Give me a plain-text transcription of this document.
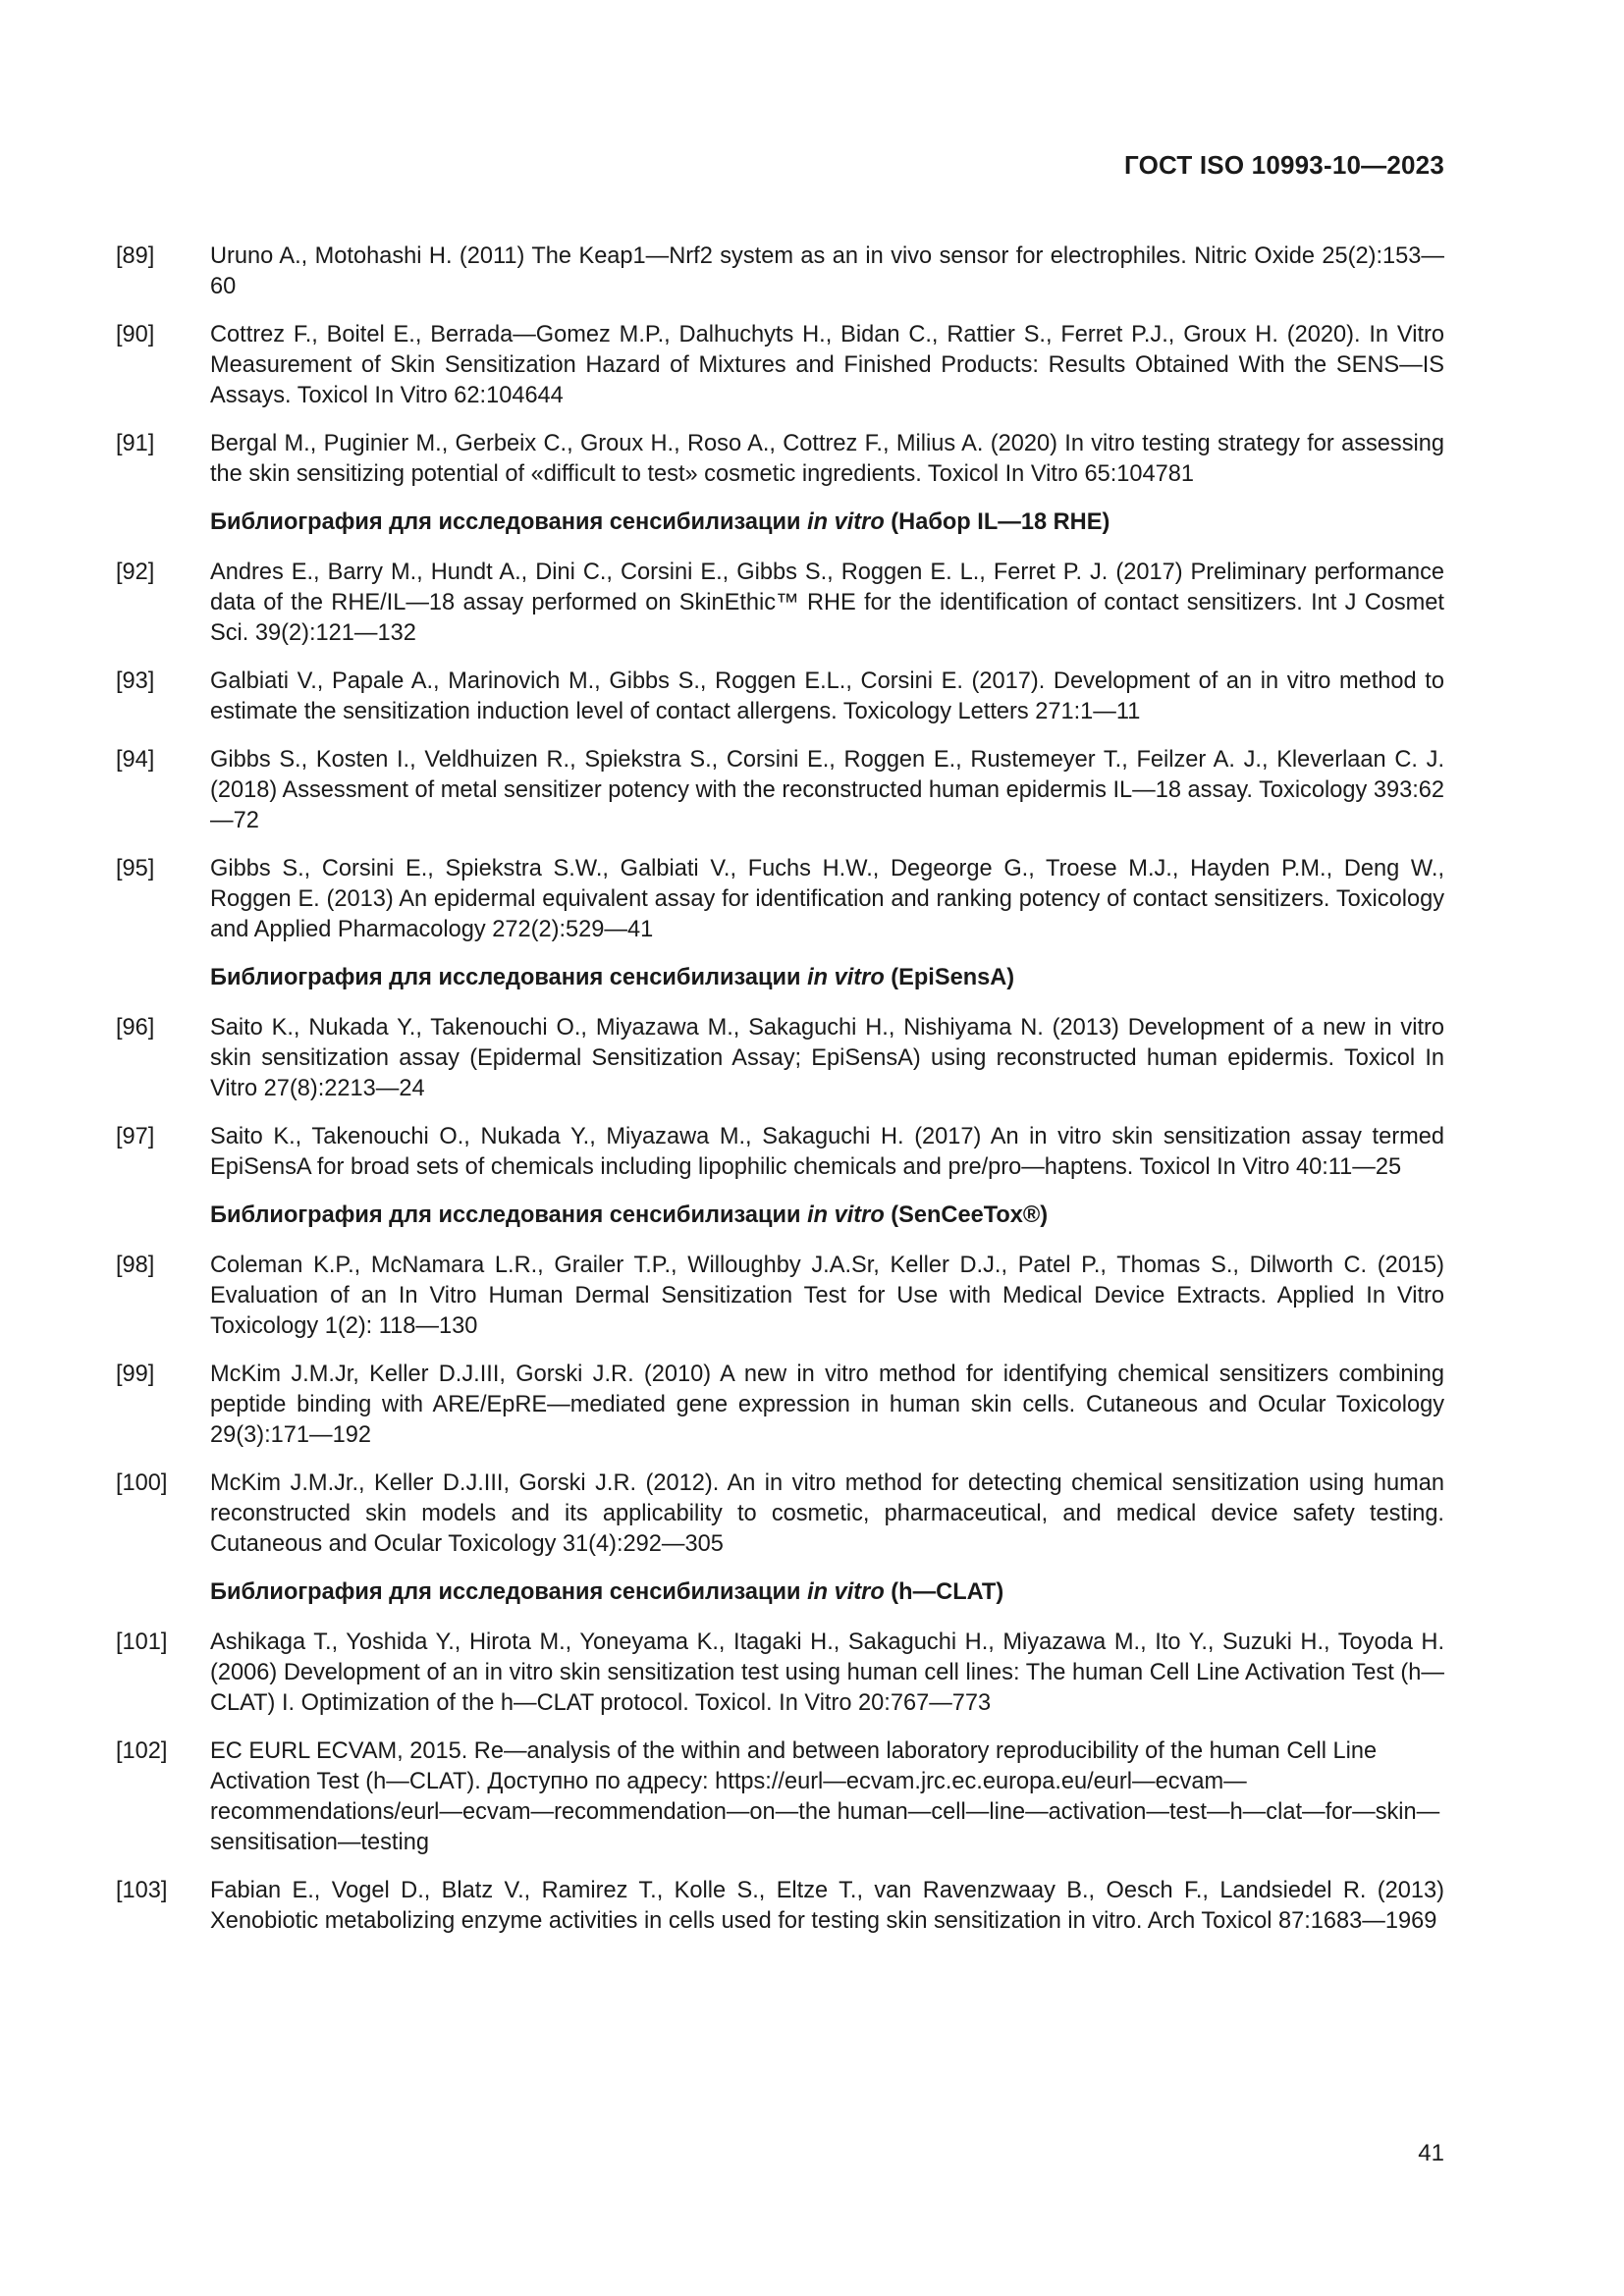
ГОСТ ISO 10993-10—2023
[89]	Uruno A., Motohashi H. (2011) The Keap1—Nrf2 system as an in vivo sensor for electrophiles. Nitric Oxide 25(2):153—60
[90]	Cottrez F., Boitel E., Berrada—Gomez M.P., Dalhuchyts H., Bidan C., Rattier S., Ferret P.J., Groux H. (2020). In Vitro Measurement of Skin Sensitization Hazard of Mixtures and Finished Products: Results Obtained With the SENS—IS Assays. Toxicol In Vitro 62:104644
[91]	Bergal M., Puginier M., Gerbeix C., Groux H., Roso A., Cottrez F., Milius A. (2020) In vitro testing strategy for assessing the skin sensitizing potential of «difficult to test» cosmetic ingredients. Toxicol In Vitro 65:104781
Библиография для исследования сенсибилизации in vitro (Набор IL—18 RHE)
[92]	Andres E., Barry M., Hundt A., Dini C., Corsini E., Gibbs S., Roggen E. L., Ferret P. J. (2017) Preliminary performance data of the RHE/IL—18 assay performed on SkinEthic™ RHE for the identification of contact sensitizers. Int J Cosmet Sci. 39(2):121—132
[93]	Galbiati V., Papale A., Marinovich M., Gibbs S., Roggen E.L., Corsini E. (2017). Development of an in vitro method to estimate the sensitization induction level of contact allergens. Toxicology Letters 271:1—11
[94]	Gibbs S., Kosten I., Veldhuizen R., Spiekstra S., Corsini E., Roggen E., Rustemeyer T., Feilzer A. J., Kleverlaan C. J. (2018) Assessment of metal sensitizer potency with the reconstructed human epidermis IL—18 assay. Toxicology 393:62—72
[95]	Gibbs S., Corsini E., Spiekstra S.W., Galbiati V., Fuchs H.W., Degeorge G., Troese M.J., Hayden P.M., Deng W., Roggen E. (2013) An epidermal equivalent assay for identification and ranking potency of contact sensitizers. Toxicology and Applied Pharmacology 272(2):529—41
Библиография для исследования сенсибилизации in vitro (EpiSensA)
[96]	Saito K., Nukada Y., Takenouchi O., Miyazawa M., Sakaguchi H., Nishiyama N. (2013) Development of a new in vitro skin sensitization assay (Epidermal Sensitization Assay; EpiSensA) using reconstructed human epidermis. Toxicol In Vitro 27(8):2213—24
[97]	Saito K., Takenouchi O., Nukada Y., Miyazawa M., Sakaguchi H. (2017) An in vitro skin sensitization assay termed EpiSensA for broad sets of chemicals including lipophilic chemicals and pre/pro—haptens. Toxicol In Vitro 40:11—25
Библиография для исследования сенсибилизации in vitro (SenCeeTox®)
[98]	Coleman K.P., McNamara L.R., Grailer T.P., Willoughby J.A.Sr, Keller D.J., Patel P., Thomas S., Dilworth C. (2015) Evaluation of an In Vitro Human Dermal Sensitization Test for Use with Medical Device Extracts. Applied In Vitro Toxicology 1(2): 118—130
[99]	McKim J.M.Jr, Keller D.J.III, Gorski J.R. (2010) A new in vitro method for identifying chemical sensitizers combining peptide binding with ARE/EpRE—mediated gene expression in human skin cells. Cutaneous and Ocular Toxicology 29(3):171—192
[100]	McKim J.M.Jr., Keller D.J.III, Gorski J.R. (2012). An in vitro method for detecting chemical sensitization using human reconstructed skin models and its applicability to cosmetic, pharmaceutical, and medical device safety testing. Cutaneous and Ocular Toxicology 31(4):292—305
Библиография для исследования сенсибилизации in vitro (h—CLAT)
[101]	Ashikaga T., Yoshida Y., Hirota M., Yoneyama K., Itagaki H., Sakaguchi H., Miyazawa M., Ito Y., Suzuki H., Toyoda H. (2006) Development of an in vitro skin sensitization test using human cell lines: The human Cell Line Activation Test (h—CLAT) I. Optimization of the h—CLAT protocol. Toxicol. In Vitro 20:767—773
[102]	EC EURL ECVAM, 2015. Re—analysis of the within and between laboratory reproducibility of the human Cell Line Activation Test (h—CLAT). Доступно по адресу: https://eurl—ecvam.jrc.ec.europa.eu/eurl—ecvam—recommendations/eurl—ecvam—recommendation—on—the human—cell—line—activation—test—h—clat—for—skin—sensitisation—testing
[103]	Fabian E., Vogel D., Blatz V., Ramirez T., Kolle S., Eltze T., van Ravenzwaay B., Oesch F., Landsiedel R. (2013) Xenobiotic metabolizing enzyme activities in cells used for testing skin sensitization in vitro. Arch Toxicol 87:1683—1969
41
